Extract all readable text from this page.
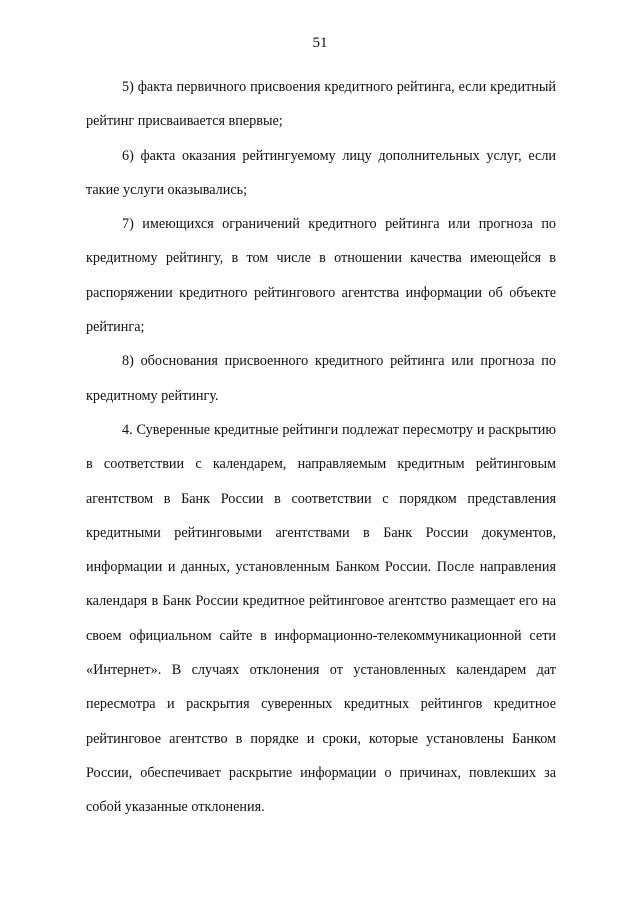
51

5) факта первичного присвоения кредитного рейтинга, если кредитный рейтинг присваивается впервые;

6) факта оказания рейтингуемому лицу дополнительных услуг, если такие услуги оказывались;

7) имеющихся ограничений кредитного рейтинга или прогноза по кредитному рейтингу, в том числе в отношении качества имеющейся в распоряжении кредитного рейтингового агентства информации об объекте рейтинга;

8) обоснования присвоенного кредитного рейтинга или прогноза по кредитному рейтингу.

4. Суверенные кредитные рейтинги подлежат пересмотру и раскрытию в соответствии с календарем, направляемым кредитным рейтинговым агентством в Банк России в соответствии с порядком представления кредитными рейтинговыми агентствами в Банк России документов, информации и данных, установленным Банком России. После направления календаря в Банк России кредитное рейтинговое агентство размещает его на своем официальном сайте в информационно-телекоммуникационной сети «Интернет». В случаях отклонения от установленных календарем дат пересмотра и раскрытия суверенных кредитных рейтингов кредитное рейтинговое агентство в порядке и сроки, которые установлены Банком России, обеспечивает раскрытие информации о причинах, повлекших за собой указанные отклонения.
